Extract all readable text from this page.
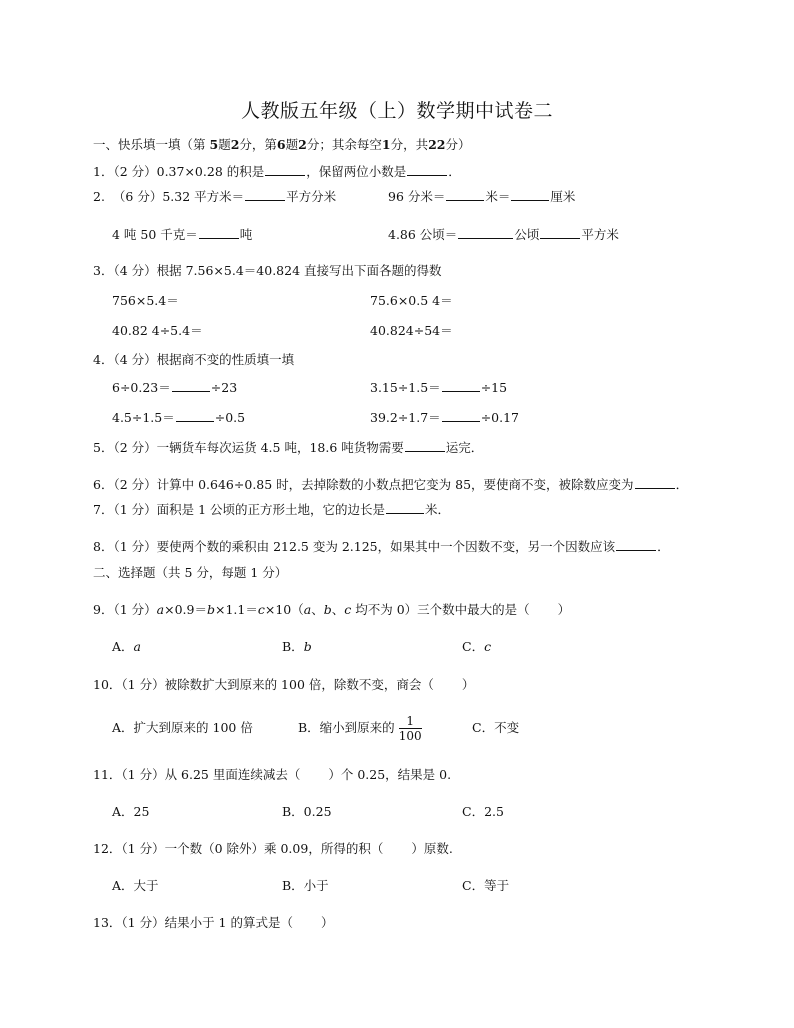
人教版五年级（上）数学期中试卷二
一、快乐填一填（第 5题2分，第6题2分；其余每空1分，共22分）
1．（2 分）0.37×0.28 的积是	，保留两位小数是	．
2. （6 分）5.32 平方米＝	平方分米	96 分米＝	米＝	厘米
4 吨 50 千克＝	吨	4.86 公顷＝	公顷	平方米
3．（4 分）根据 7.56×5.4＝40.824 直接写出下面各题的得数
756×5.4＝	75.6×0.5 4＝
40.82 4÷5.4＝	40.824÷54＝
4．（4 分）根据商不变的性质填一填
6÷0.23＝	÷23	3.15÷1.5＝	÷15
4.5÷1.5＝	÷0.5	39.2÷1.7＝	÷0.17
5．（2 分）一辆货车每次运货 4.5 吨，18.6 吨货物需要	运完．
6．（2 分）计算中 0.646÷0.85 时，去掉除数的小数点把它变为 85，要使商不变，被除数应变为	．
7．（1 分）面积是 1 公顷的正方形土地，它的边长是	米．
8．（1 分）要使两个数的乘积由 212.5 变为 2.125，如果其中一个因数不变，另一个因数应该	．
二、选择题（共 5 分，每题 1 分）
9．（1 分）a×0.9＝b×1.1＝c×10（a、b、c 均不为 0）三个数中最大的是（ ）
A．a	B．b	C．c
10．（1 分）被除数扩大到原来的 100 倍，除数不变，商会（ ）
A．扩大到原来的 100 倍	B．缩小到原来的 $\frac{1}{100}$	C．不变
11．（1 分）从 6.25 里面连续减去（ ）个 0.25，结果是 0.
A．25	B．0.25	C．2.5
12．（1 分）一个数（0 除外）乘 0.09，所得的积（ ）原数.
A．大于	B．小于	C．等于
13．（1 分）结果小于 1 的算式是（ ）
